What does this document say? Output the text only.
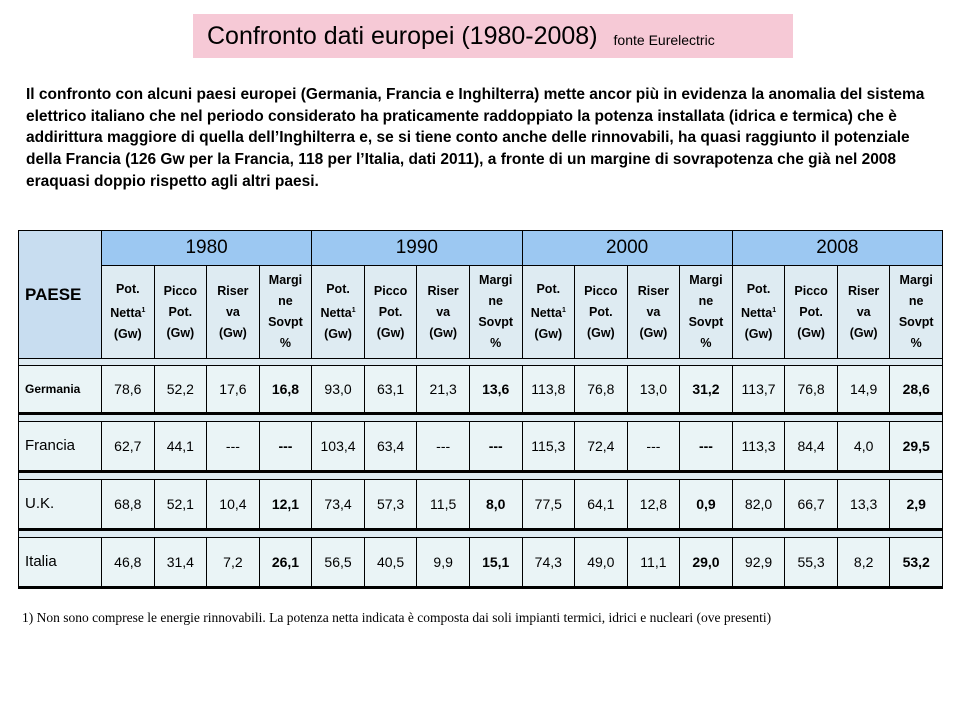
Confronto dati europei (1980-2008) fonte Eurelectric
Il confronto con alcuni paesi europei (Germania, Francia e Inghilterra) mette ancor più in evidenza la anomalia del sistema elettrico italiano che nel periodo considerato ha praticamente raddoppiato la potenza installata (idrica e termica) che è addirittura maggiore di quella dell’Inghilterra e, se si tiene conto anche delle rinnovabili, ha quasi raggiunto il potenziale della Francia (126 Gw per la Francia, 118 per l’Italia, dati 2011), a fronte di un margine di sovrapotenza che già nel 2008 eraquasi doppio rispetto agli altri paesi.
PAESE	1980				1990				2000				2008			
	Pot.
Netta$^1$
(Gw)	Picco
Pot.
(Gw)	Riser
va
(Gw)	Margi
ne
Sovpt
%	Pot.
Netta$^1$
(Gw)	Picco
Pot.
(Gw)	Riser
va
(Gw)	Margi
ne
Sovpt
%	Pot.
Netta$^1$
(Gw)	Picco
Pot.
(Gw)	Riser
va
(Gw)	Margi
ne
Sovpt
%	Pot.
Netta$^1$
(Gw)	Picco
Pot.
(Gw)	Riser
va
(Gw)	Margi
ne
Sovpt
%

Germania	78,6	52,2	17,6	16,8	93,0	63,1	21,3	13,6	113,8	76,8	13,0	31,2	113,7	76,8	14,9	28,6

Francia	62,7	44,1	---	---	103,4	63,4	---	---	115,3	72,4	---	---	113,3	84,4	4,0	29,5

U.K.	68,8	52,1	10,4	12,1	73,4	57,3	11,5	8,0	77,5	64,1	12,8	0,9	82,0	66,7	13,3	2,9

Italia	46,8	31,4	7,2	26,1	56,5	40,5	9,9	15,1	74,3	49,0	11,1	29,0	92,9	55,3	8,2	53,2
1) Non sono comprese le energie rinnovabili. La potenza netta indicata è composta dai soli impianti termici, idrici e nucleari (ove presenti)
